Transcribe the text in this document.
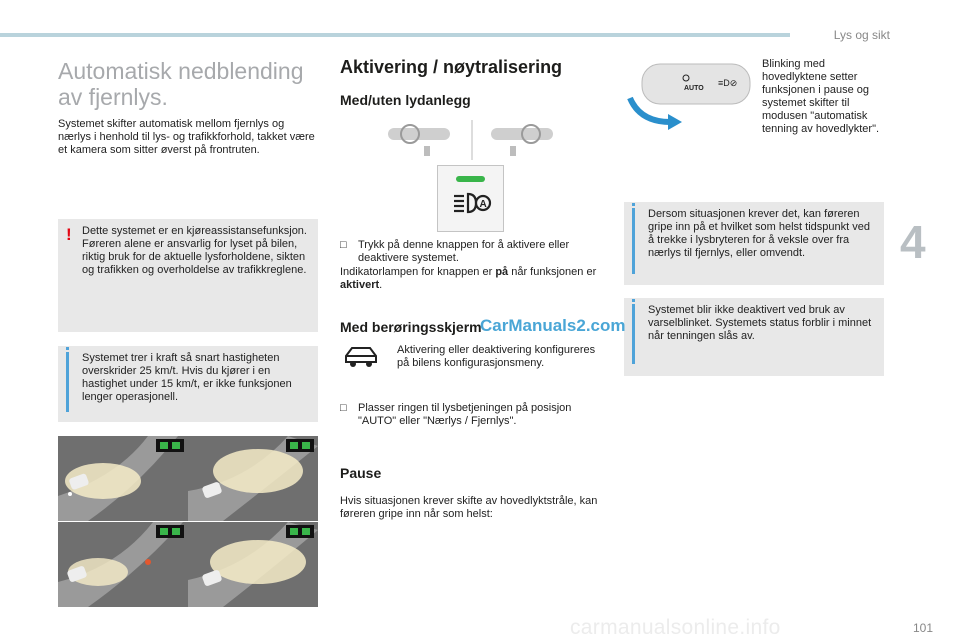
Lys og sikt
Automatisk nedblending av fjernlys.
Systemet skifter automatisk mellom fjernlys og nærlys i henhold til lys- og trafikkforhold, takket være et kamera som sitter øverst på frontruten.
! Dette systemet er en kjøreassistansefunksjon. Føreren alene er ansvarlig for lyset på bilen, riktig bruk for de aktuelle lysforholdene, sikten og trafikken og overholdelse av trafikkreglene.
Systemet trer i kraft så snart hastigheten overskrider 25 km/t. Hvis du kjører i en hastighet under 15 km/t, er ikke funksjonen lenger operasjonell.
Aktivering / nøytralisering
Med/uten lydanlegg
A
□	Trykk på denne knappen for å aktivere eller deaktivere systemet.
Indikatorlampen for knappen er på når funksjonen er aktivert.
Med berøringsskjerm
Aktivering eller deaktivering konfigureres på bilens konfigurasjonsmeny.
□	Plasser ringen til lysbetjeningen på posisjon "AUTO" eller "Nærlys / Fjernlys".
Pause
Hvis situasjonen krever skifte av hovedlyktstråle, kan føreren gripe inn når som helst:
AUTO
≡D⊘
Blinking med hovedlyktene setter funksjonen i pause og systemet skifter til modusen "automatisk tenning av hovedlykter".
Dersom situasjonen krever det, kan føreren gripe inn på et hvilket som helst tidspunkt ved å trekke i lysbryteren for å veksle over fra nærlys til fjernlys, eller omvendt.
Systemet blir ikke deaktivert ved bruk av varselblinket. Systemets status forblir i minnet når tenningen slås av.
4
CarManuals2.com
carmanualsonline.info	101
